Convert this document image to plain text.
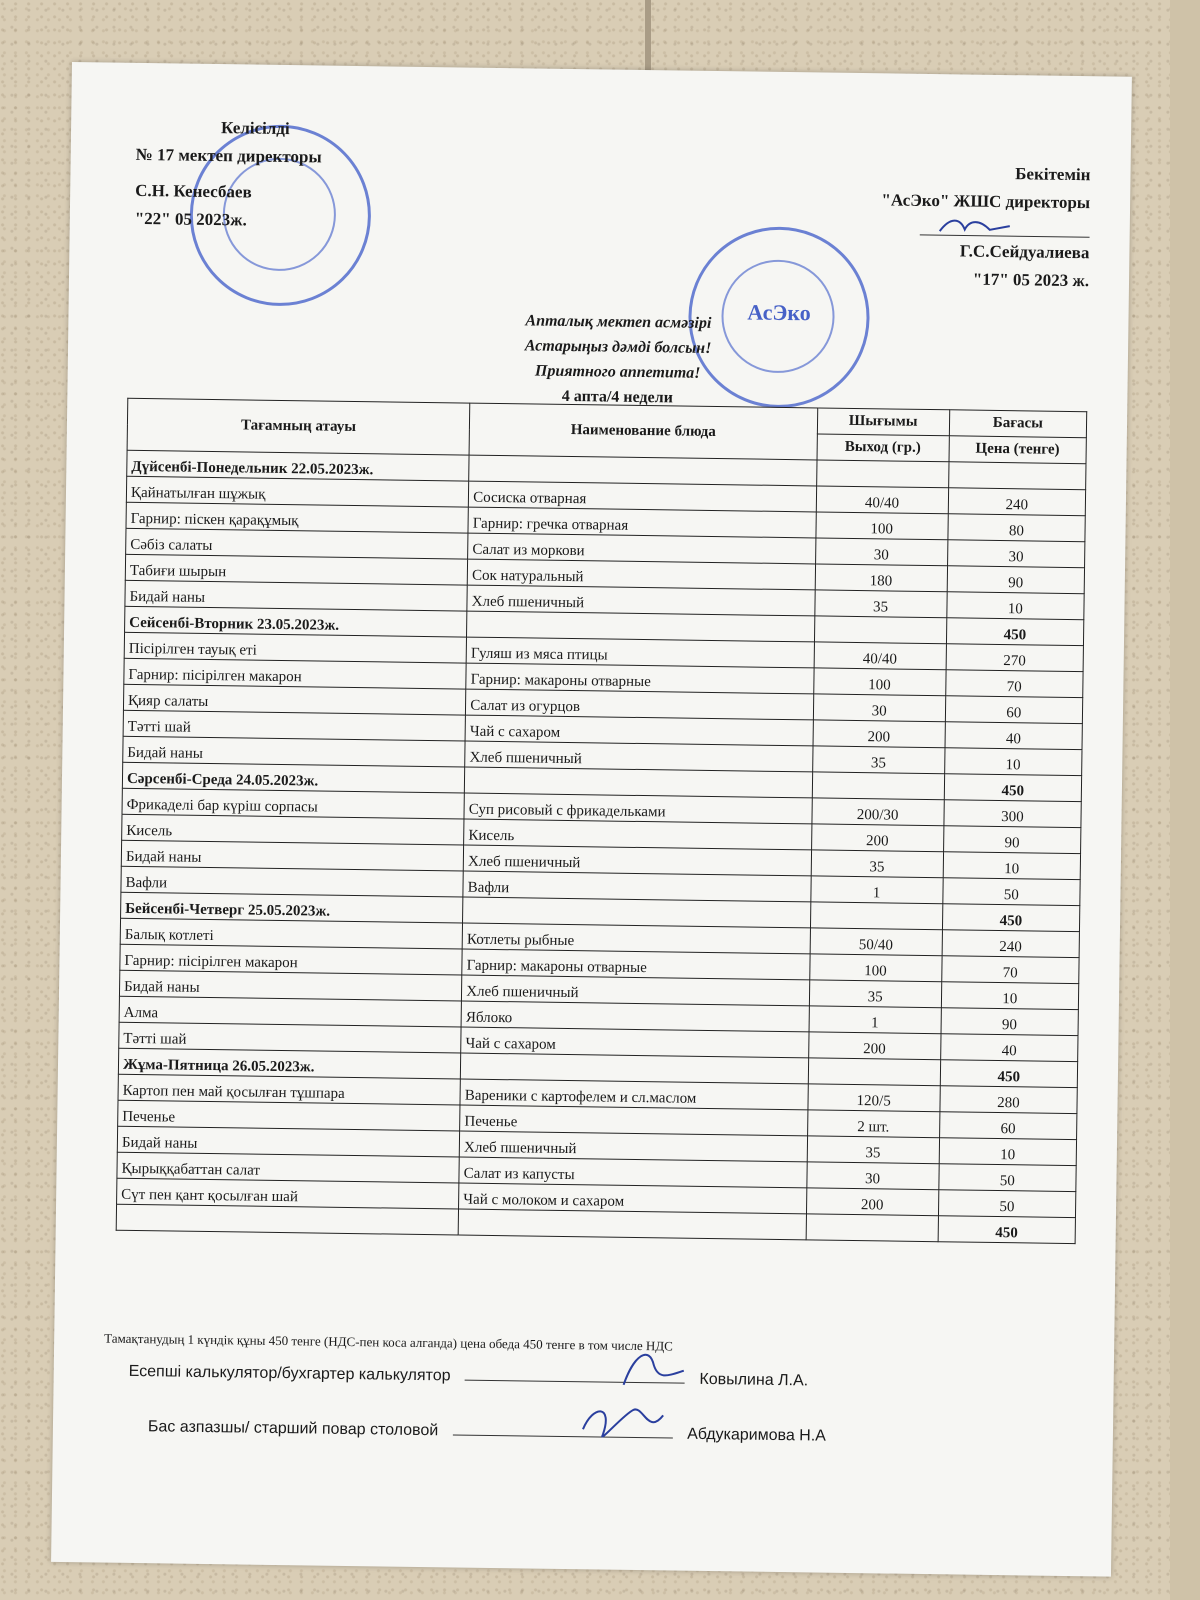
АсЭко
Келісілді
№ 17 мектеп директоры
С.Н. Кенесбаев
"22" 05 2023ж.
Бекітемін
"АсЭко" ЖШС директоры
Г.С.Сейдуалиева
"17" 05 2023 ж.
Апталық мектеп асмәзірі
Астарыңыз дәмді болсын!
Приятного аппетита!
4 апта/4 недели
Тағамның атауы	Наименование блюда	Шығымы	Бағасы
		Выход (гр.)	Цена (тенге)
Дүйсенбі-Понедельник 22.05.2023ж.			
Қайнатылған шұжық	Сосиска отварная	40/40	240
Гарнир: піскен қарақұмық	Гарнир: гречка отварная	100	80
Сәбіз салаты	Салат из моркови	30	30
Табиғи шырын	Сок натуральный	180	90
Бидай наны	Хлеб пшеничный	35	10
Сейсенбі-Вторник 23.05.2023ж.			450
Пісірілген тауық еті	Гуляш из мяса птицы	40/40	270
Гарнир: пісірілген макарон	Гарнир: макароны отварные	100	70
Қияр салаты	Салат из огурцов	30	60
Тәтті шай	Чай с сахаром	200	40
Бидай наны	Хлеб пшеничный	35	10
Сәрсенбі-Среда 24.05.2023ж.			450
Фрикаделі бар күріш сорпасы	Суп рисовый с фрикадельками	200/30	300
Кисель	Кисель	200	90
Бидай наны	Хлеб пшеничный	35	10
Вафли	Вафли	1	50
Бейсенбі-Четверг 25.05.2023ж.			450
Балық котлеті	Котлеты рыбные	50/40	240
Гарнир: пісірілген макарон	Гарнир: макароны отварные	100	70
Бидай наны	Хлеб пшеничный	35	10
Алма	Яблоко	1	90
Тәтті шай	Чай с сахаром	200	40
Жұма-Пятница 26.05.2023ж.			450
Картоп пен май қосылған тұшпара	Вареники с картофелем и сл.маслом	120/5	280
Печенье	Печенье	2 шт.	60
Бидай наны	Хлеб пшеничный	35	10
Қырыққабаттан салат	Салат из капусты	30	50
Сүт пен қант қосылған шай	Чай с молоком и сахаром	200	50
			450
Тамақтанудың 1 күндік құны 450 тенге (НДС-пен коса алганда) цена обеда 450 тенге в том числе НДС
Есепші калькулятор/бухгартер калькулятор	Ковылина Л.А.
Бас азпазшы/ старший повар столовой	Абдукаримова Н.А
